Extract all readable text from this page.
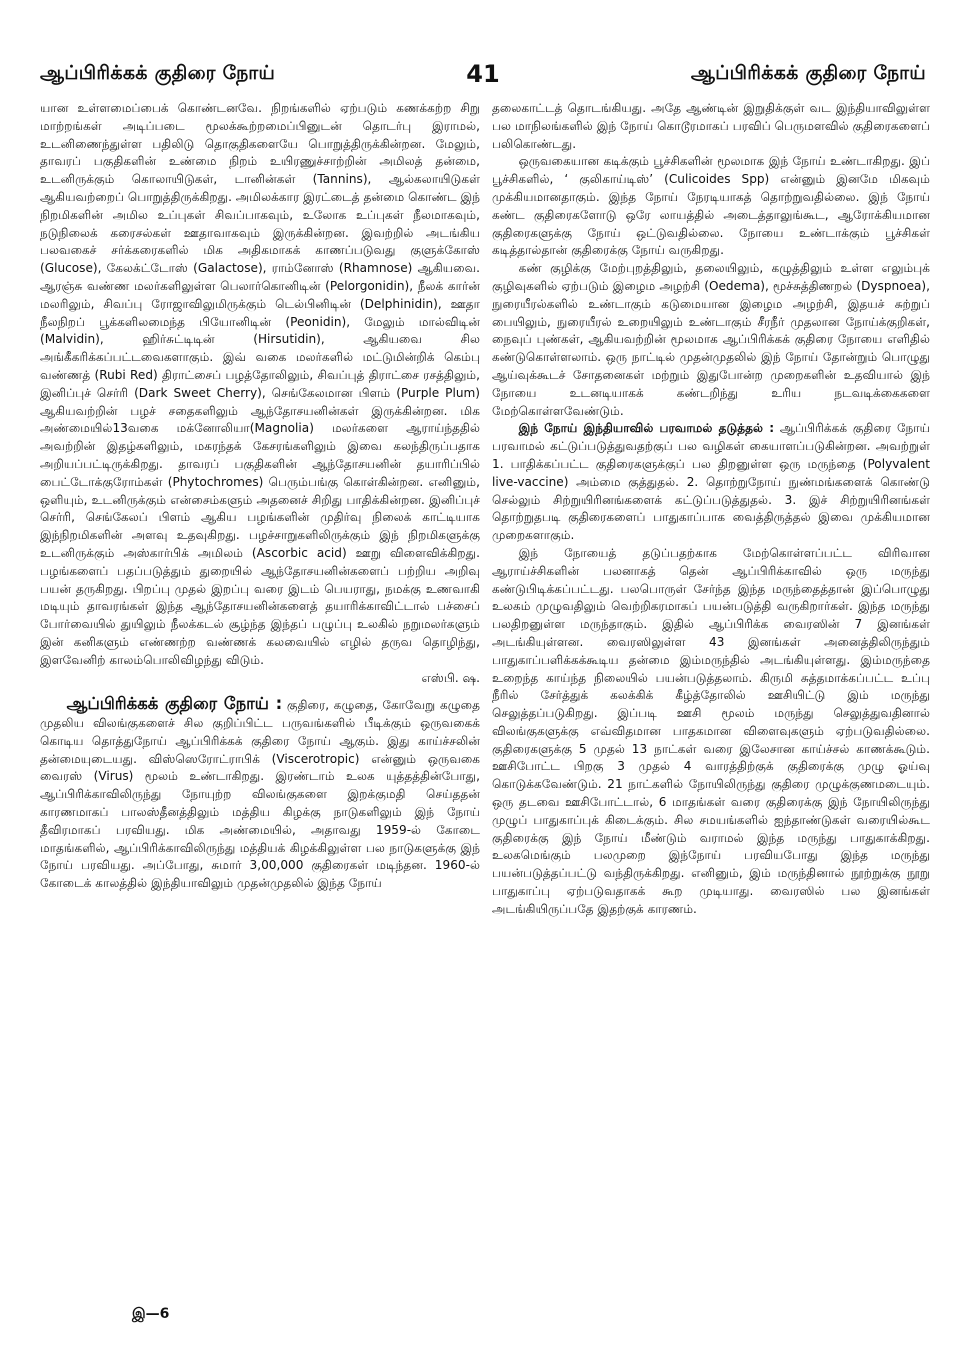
ஆப்பிரிக்கக் குதிரை நோய்	41	ஆப்பிரிக்கக் குதிரை நோய்

யான உள்ளமைப்பைக் கொண்டனவே. நிறங்களில் ஏற்படும் கணக்கற்ற சிறு மாற்றங்கள் அடிப்படை மூலக்கூற்றமைப்பினுடன் தொடர்பு இராமல், உடனிணைந்துள்ள பதிலிடு தொகுதிகளையே பொறுத்திருக்கின்றன. மேலும், தாவரப் பகுதிகளின் உண்மை நிறம் உயிரணுச்சாற்றின் அமிலத் தன்மை, உடனிருக்கும் கொலாயிடுகள், டானின்கள் (Tannins), ஆல்கலாயிடுகள் ஆகியவற்றைப் பொறுத்திருக்கிறது. அமிலக்கார இரட்டைத் தன்மை கொண்ட இந் நிறமிகளின் அமில உப்புகள் சிவப்பாகவும், உலோக உப்புகள் நீலமாகவும், நடுநிலைக் கரைசல்கள் ஊதாவாகவும் இருக்கின்றன. இவற்றில் அடங்கிய பலவகைச் சர்க்கரைகளில் மிக அதிகமாகக் காணப்படுவது குளுக்கோஸ் (Glucose), கேலக்ட்டோஸ் (Galactose), ராம்னோஸ் (Rhamnose) ஆகியவை. ஆரஞ்சு வண்ண மலர்களிலுள்ள பெலார்கொனிடின் (Pelorgonidin), நீலக் கார்ன் மலரிலும், சிவப்பு ரோஜாவிலுமிருக்கும் டெல்பினிடின் (Delphinidin), ஊதா நீலநிறப் பூக்களிலமைந்த பியோனிடின் (Peonidin), மேலும் மால்விடின் (Malvidin), ஹிர்சுட்டிடின் (Hirsutidin), ஆகியவை சில அங்கீகரிக்கப்பட்டவைகளாகும். இவ் வகை மலர்களில் மட்டுமின்றிக் கெம்பு வண்ணத் (Rubi Red) திராட்சைப் பழத்தோலிலும், சிவப்புத் திராட்சை ரசத்திலும், இனிப்புச் செர்ரி (Dark Sweet Cherry), செங்கேலமான பிளம் (Purple Plum) ஆகியவற்றின் பழச் சதைகளிலும் ஆந்தோசயனின்கள் இருக்கின்றன. மிக அண்மையில்13வகை மக்னோலியா(Magnolia) மலர்களை ஆராய்ந்ததில் அவற்றின் இதழ்களிலும், மகரந்தக் கேசரங்களிலும் இவை கலந்திருப்பதாக அறியப்பட்டிருக்கிறது. தாவரப் பகுதிகளின் ஆந்தோசயனின் தயாரிப்பில் பைட்டோக்குரோம்கள் (Phytochromes) பெரும்பங்கு கொள்கின்றன. எனினும், ஒளியும், உடனிருக்கும் என்சைம்களும் அதனைச் சிறிது பாதிக்கின்றன. இனிப்புச் செர்ரி, செங்கேலப் பிளம் ஆகிய பழங்களின் முதிர்வு நிலைக் காட்டியாக இந்நிறமிகளின் அளவு உதவுகிறது. பழச்சாறுகளிலிருக்கும் இந் நிறமிகளுக்கு உடனிருக்கும் அஸ்கார்பிக் அமிலம் (Ascorbic acid) ஊறு விளைவிக்கிறது. பழங்களைப் பதப்படுத்தும் துறையில் ஆந்தோசயனின்களைப் பற்றிய அறிவு பயன் தருகிறது. பிறப்பு முதல் இறப்பு வரை இடம் பெயராது, நமக்கு உணவாகி மடியும் தாவரங்கள் இந்த ஆந்தோசயனின்களைத் தயாரிக்காவிட்டால் பச்சைப் போர்வையில் துயிலும் நீலக்கடல் சூழ்ந்த இந்தப் பழுப்பு உலகில் நறுமலர்களும் இன் கனிகளும் எண்ணற்ற வண்ணக் கலவையில் எழில் தருவ தொழிந்து, இளவேனிற் காலம்பொலிவிழந்து விடும்.

எஸ்பி. ஷ.

ஆப்பிரிக்கக் குதிரை நோய் : குதிரை, கழுதை, கோவேறு கழுதை முதலிய விலங்குகளைச் சில குறிப்பிட்ட பருவங்களில் பீடிக்கும் ஒருவகைக் கொடிய தொத்துநோய் ஆப்பிரிக்கக் குதிரை நோய் ஆகும். இது காய்ச்சலின் தன்மையுடையது. விஸ்ஸெரோட்ராபிக் (Viscerotropic) என்னும் ஒருவகை வைரஸ் (Virus) மூலம் உண்டாகிறது. இரண்டாம் உலக யுத்தத்தின்போது, ஆப்பிரிக்காவிலிருந்து நோயுற்ற விலங்குகளை இறக்குமதி செய்ததன் காரணமாகப் பாலஸ்தீனத்திலும் மத்திய கிழக்கு நாடுகளிலும் இந் நோய் தீவிரமாகப் பரவியது. மிக அண்மையில், அதாவது 1959-ல் கோடை மாதங்களில், ஆப்பிரிக்காவிலிருந்து மத்தியக் கிழக்கிலுள்ள பல நாடுகளுக்கு இந் நோய் பரவியது. அப்போது, சுமார் 3,00,000 குதிரைகள் மடிந்தன. 1960-ல் கோடைக் காலத்தில் இந்தியாவிலும் முதன்முதலில் இந்த நோய்

தலைகாட்டத் தொடங்கியது. அதே ஆண்டின் இறுதிக்குள் வட இந்தியாவிலுள்ள பல மாநிலங்களில் இந் நோய் கொடூரமாகப் பரவிப் பெருமளவில் குதிரைகளைப் பலிகொண்டது.

ஒருவகையான கடிக்கும் பூச்சிகளின் மூலமாக இந் நோய் உண்டாகிறது. இப் பூச்சிகளில், ‘ குலிகாய்டிஸ்’ (Culicoides Spp) என்னும் இனமே மிகவும் முக்கியமானதாகும். இந்த நோய் நேரடியாகத் தொற்றுவதில்லை. இந் நோய் கண்ட குதிரைகளோடு ஒரே லாயத்தில் அடைத்தாலுங்கூட, ஆரோக்கியமான குதிரைகளுக்கு நோய் ஒட்டுவதில்லை. நோயை உண்டாக்கும் பூச்சிகள் கடித்தால்தான் குதிரைக்கு நோய் வருகிறது.

கண் குழிக்கு மேற்புறத்திலும், தலையிலும், கழுத்திலும் உள்ள எலும்புக் குழிவுகளில் ஏற்படும் இழைம அழற்சி (Oedema), மூச்சுத்திணறல் (Dyspnoea), நுரையீரல்களில் உண்டாகும் கடுமையான இழைம அழற்சி, இதயச் சுற்றுப் பையிலும், நுரையீரல் உறையிலும் உண்டாகும் சீரநீர் முதலான நோய்க்குறிகள், நைவுப் புண்கள், ஆகியவற்றின் மூலமாக ஆப்பிரிக்கக் குதிரை நோயை எளிதில் கண்டுகொள்ளலாம். ஒரு நாட்டில் முதன்முதலில் இந் நோய் தோன்றும் பொழுது ஆய்வுக்கூடச் சோதனைகள் மற்றும் இதுபோன்ற முறைகளின் உதவியால் இந் நோயை உடனடியாகக் கண்டறிந்து உரிய நடவடிக்கைகளை மேற்கொள்ளவேண்டும்.

இந் நோய் இந்தியாவில் பரவாமல் தடுத்தல் : ஆப்பிரிக்கக் குதிரை நோய் பரவாமல் கட்டுப்படுத்துவதற்குப் பல வழிகள் கையாளப்படுகின்றன. அவற்றுள் 1. பாதிக்கப்பட்ட குதிரைகளுக்குப் பல திறனுள்ள ஒரு மருந்தை (Polyvalent live-vaccine) அம்மை குத்துதல். 2. தொற்றுநோய் நுண்மங்களைக் கொண்டு செல்லும் சிற்றுயிரினங்களைக் கட்டுப்படுத்துதல். 3. இச் சிற்றுயிரினங்கள் தொற்றுதபடி குதிரைகளைப் பாதுகாப்பாக வைத்திருத்தல் இவை முக்கியமான முறைகளாகும்.

இந் நோயைத் தடுப்பதற்காக மேற்கொள்ளப்பட்ட விரிவான ஆராய்ச்சிகளின் பலனாகத் தென் ஆப்பிரிக்காவில் ஒரு மருந்து கண்டுபிடிக்கப்பட்டது. பலபொருள் சேர்ந்த இந்த மருந்தைத்தான் இப்பொழுது உலகம் முழுவதிலும் வெற்றிகரமாகப் பயன்படுத்தி வருகிறார்கள். இந்த மருந்து பலதிறனுள்ள மருந்தாகும். இதில் ஆப்பிரிக்க வைரஸின் 7 இனங்கள் அடங்கியுள்ளன. வைரஸிலுள்ள 43 இனங்கள் அனைத்திலிருந்தும் பாதுகாப்பளிக்கக்கூடிய தன்மை இம்மருந்தில் அடங்கியுள்ளது. இம்மருந்தை உறைந்த காய்ந்த நிலையில் பயன்படுத்தலாம். கிருமி சுத்தமாக்கப்பட்ட உப்பு நீரில் சேர்த்துக் கலக்கிக் கீழ்த்தோலில் ஊசியிட்டு இம் மருந்து செலுத்தப்படுகிறது. இப்படி ஊசி மூலம் மருந்து செலுத்துவதினால் விலங்குகளுக்கு எவ்விதமான பாதகமான விளைவுகளும் ஏற்படுவதில்லை. குதிரைகளுக்கு 5 முதல் 13 நாட்கள் வரை இலேசான காய்ச்சல் காணக்கூடும். ஊசிபோட்ட பிறகு 3 முதல் 4 வாரத்திற்குக் குதிரைக்கு முழு ஓய்வு கொடுக்கவேண்டும். 21 நாட்களில் நோயிலிருந்து குதிரை முழுக்குணமடையும். ஒரு தடவை ஊசிபோட்டால், 6 மாதங்கள் வரை குதிரைக்கு இந் நோயிலிருந்து முழுப் பாதுகாப்புக் கிடைக்கும். சில சமயங்களில் ஐந்தாண்டுகள் வரையில்கூட குதிரைக்கு இந் நோய் மீண்டும் வராமல் இந்த மருந்து பாதுகாக்கிறது. உலகமெங்கும் பலமுறை இந்நோய் பரவியபோது இந்த மருந்து பயன்படுத்தப்பட்டு வந்திருக்கிறது. எனினும், இம் மருந்தினால் நூற்றுக்கு நூறு பாதுகாப்பு ஏற்படுவதாகக் கூற முடியாது. வைரஸில் பல இனங்கள் அடங்கியிருப்பதே இதற்குக் காரணம்.

இ—6
